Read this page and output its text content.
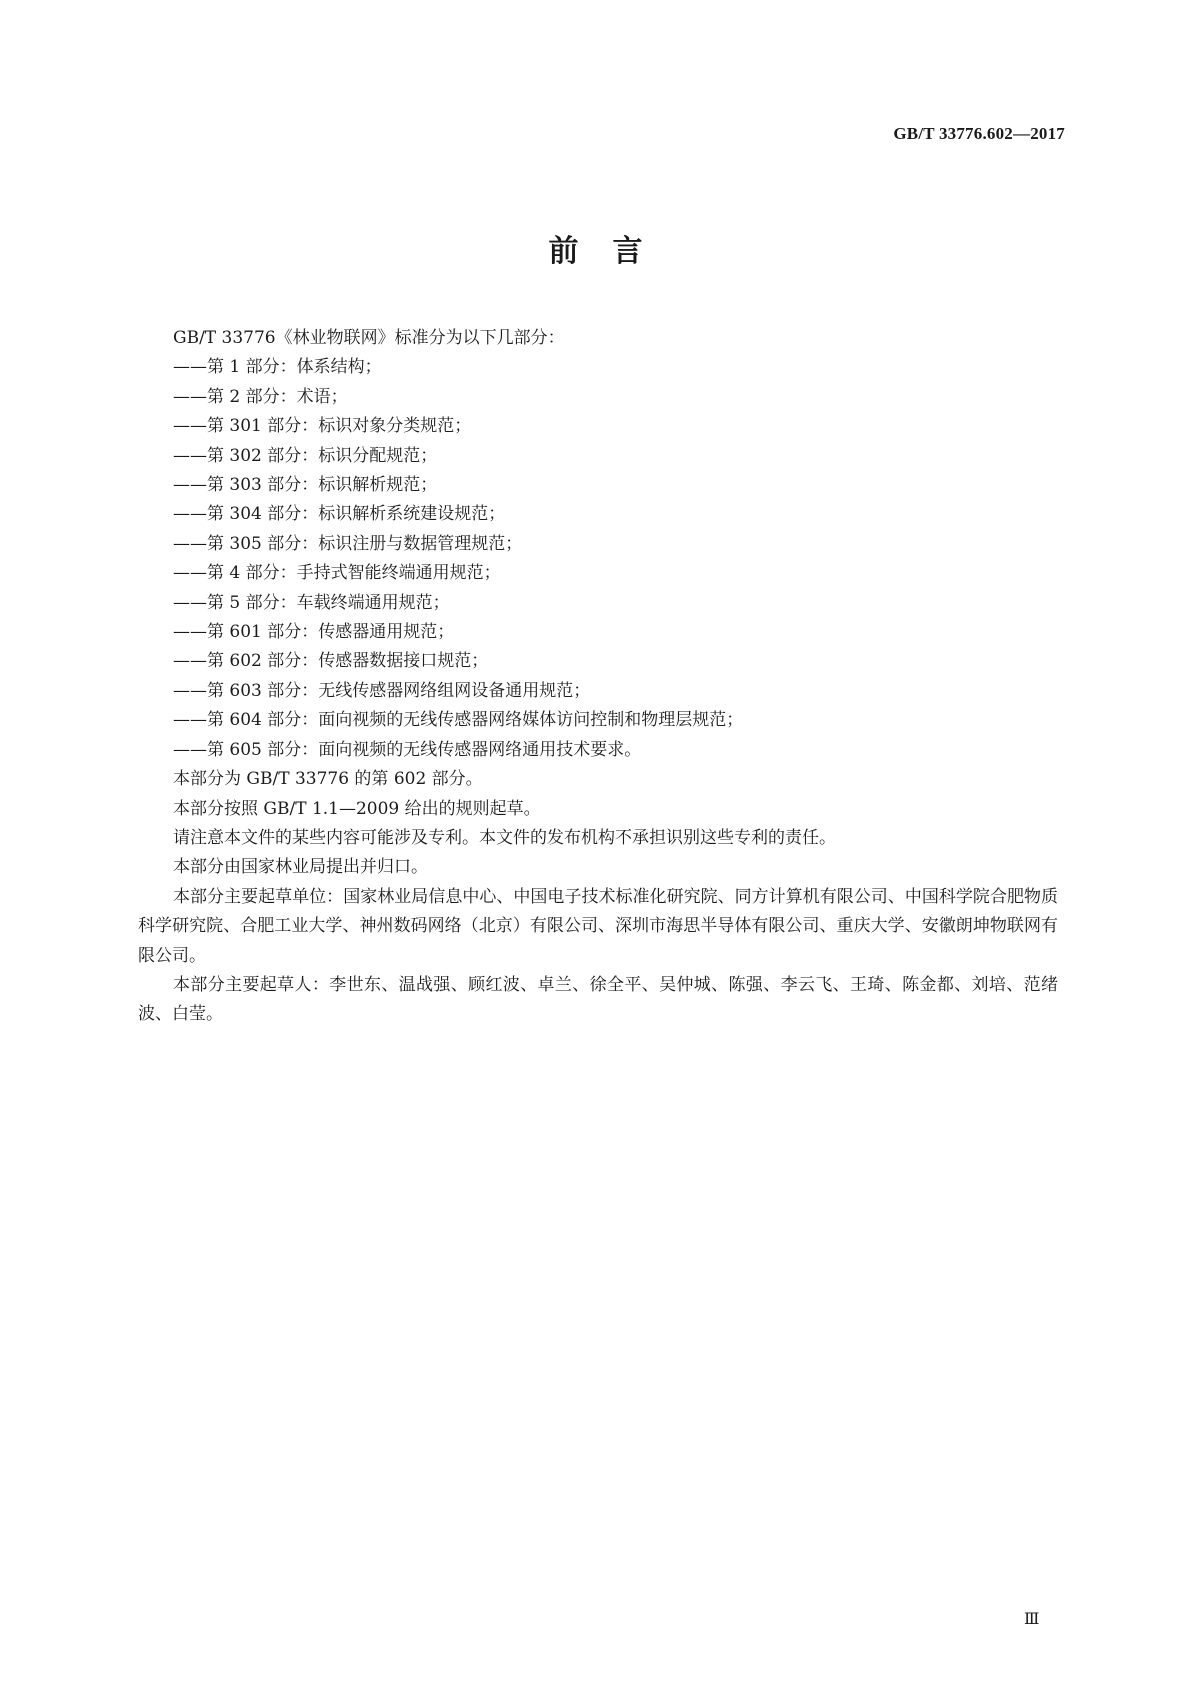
GB/T 33776.602—2017
前言

GB/T 33776《林业物联网》标准分为以下几部分：

——第 1 部分：体系结构；

——第 2 部分：术语；

——第 301 部分：标识对象分类规范；

——第 302 部分：标识分配规范；

——第 303 部分：标识解析规范；

——第 304 部分：标识解析系统建设规范；

——第 305 部分：标识注册与数据管理规范；

——第 4 部分：手持式智能终端通用规范；

——第 5 部分：车载终端通用规范；

——第 601 部分：传感器通用规范；

——第 602 部分：传感器数据接口规范；

——第 603 部分：无线传感器网络组网设备通用规范；

——第 604 部分：面向视频的无线传感器网络媒体访问控制和物理层规范；

——第 605 部分：面向视频的无线传感器网络通用技术要求。

本部分为 GB/T 33776 的第 602 部分。

本部分按照 GB/T 1.1—2009 给出的规则起草。

请注意本文件的某些内容可能涉及专利。本文件的发布机构不承担识别这些专利的责任。

本部分由国家林业局提出并归口。

本部分主要起草单位：国家林业局信息中心、中国电子技术标准化研究院、同方计算机有限公司、中国科学院合肥物质科学研究院、合肥工业大学、神州数码网络（北京）有限公司、深圳市海思半导体有限公司、重庆大学、安徽朗坤物联网有限公司。

本部分主要起草人：李世东、温战强、顾红波、卓兰、徐全平、吴仲城、陈强、李云飞、王琦、陈金都、刘培、范绪波、白莹。

Ⅲ
